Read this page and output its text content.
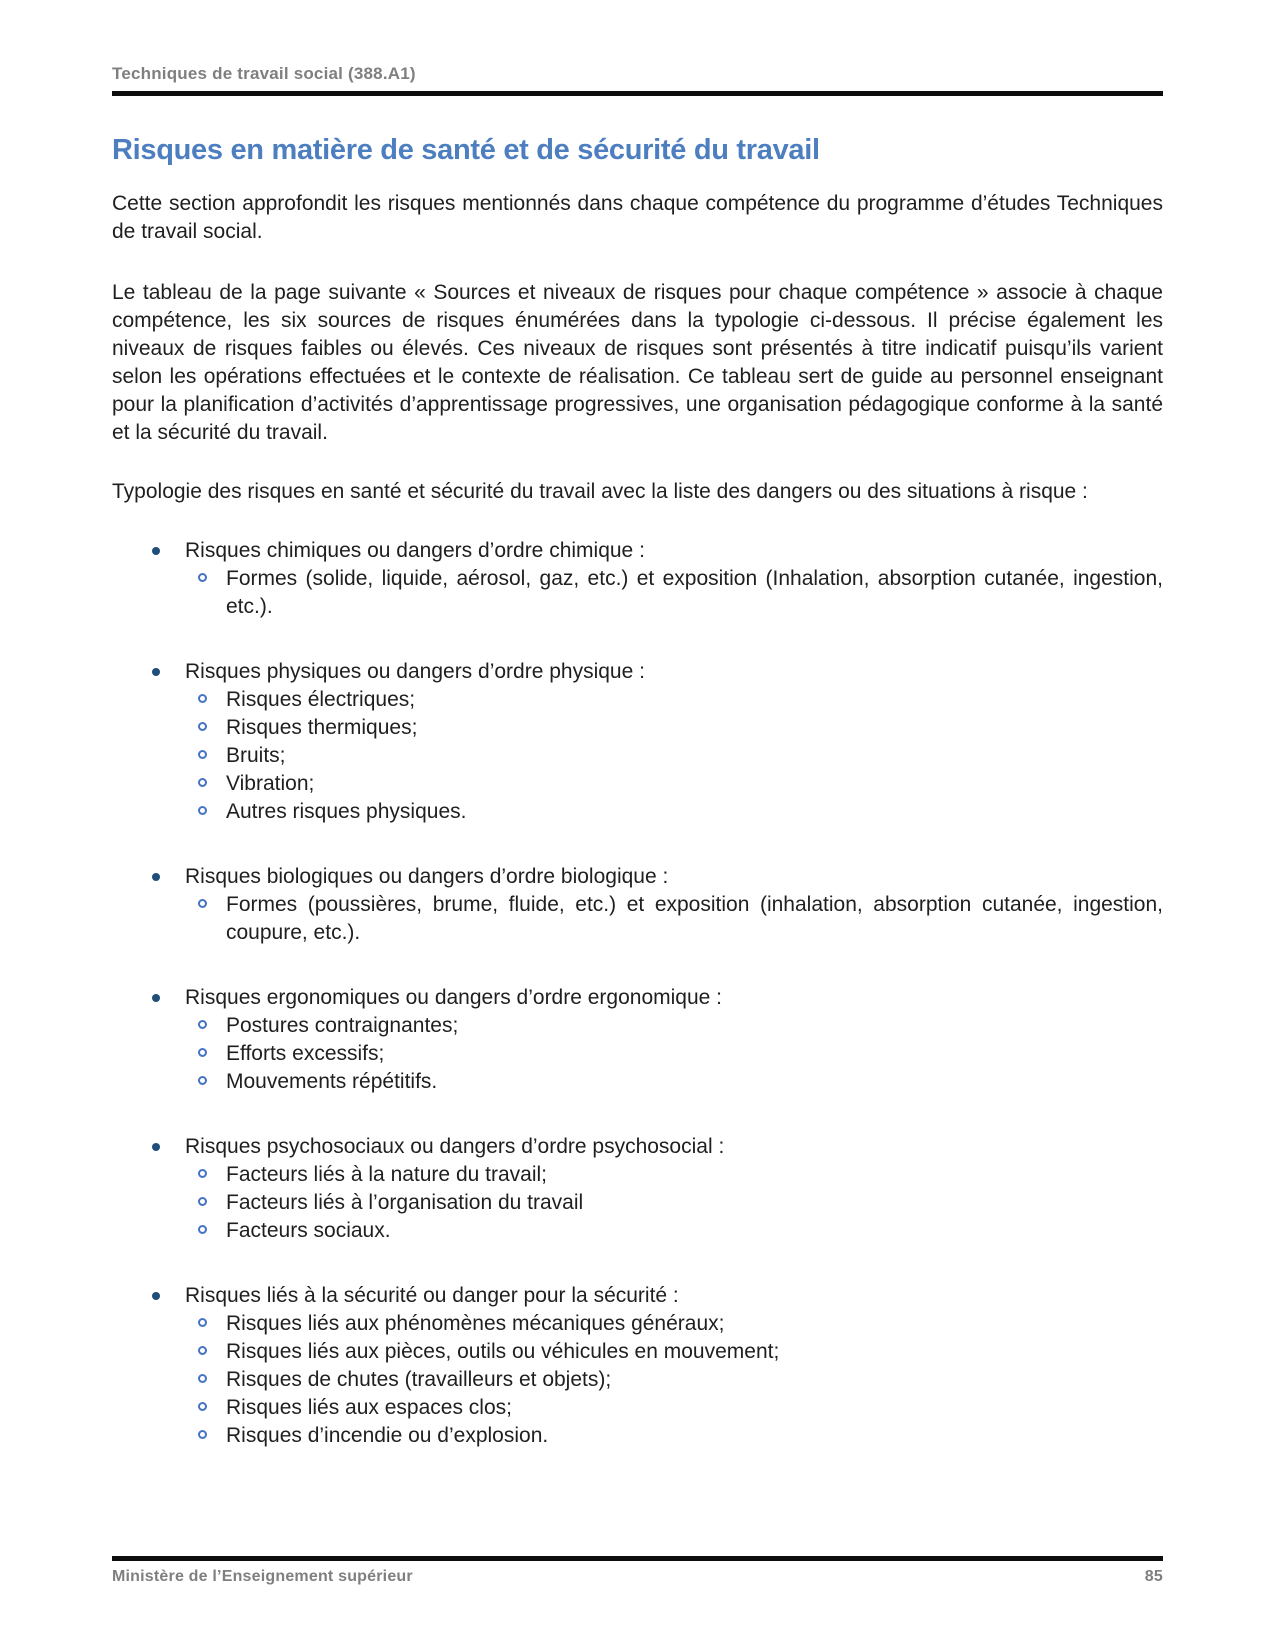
Techniques de travail social (388.A1)
Risques en matière de santé et de sécurité du travail

Cette section approfondit les risques mentionnés dans chaque compétence du programme d’études Techniques de travail social.

Le tableau de la page suivante « Sources et niveaux de risques pour chaque compétence » associe à chaque compétence, les six sources de risques énumérées dans la typologie ci-dessous. Il précise également les niveaux de risques faibles ou élevés. Ces niveaux de risques sont présentés à titre indicatif puisqu’ils varient selon les opérations effectuées et le contexte de réalisation. Ce tableau sert de guide au personnel enseignant pour la planification d’activités d’apprentissage progressives, une organisation pédagogique conforme à la santé et la sécurité du travail.

Typologie des risques en santé et sécurité du travail avec la liste des dangers ou des situations à risque :

Risques chimiques ou dangers d’ordre chimique :
Formes (solide, liquide, aérosol, gaz, etc.) et exposition (Inhalation, absorption cutanée, ingestion, etc.).
Risques physiques ou dangers d’ordre physique :
Risques électriques;
Risques thermiques;
Bruits;
Vibration;
Autres risques physiques.
Risques biologiques ou dangers d’ordre biologique :
Formes (poussières, brume, fluide, etc.) et exposition (inhalation, absorption cutanée, ingestion, coupure, etc.).
Risques ergonomiques ou dangers d’ordre ergonomique :
Postures contraignantes;
Efforts excessifs;
Mouvements répétitifs.
Risques psychosociaux ou dangers d’ordre psychosocial :
Facteurs liés à la nature du travail;
Facteurs liés à l’organisation du travail
Facteurs sociaux.
Risques liés à la sécurité ou danger pour la sécurité :
Risques liés aux phénomènes mécaniques généraux;
Risques liés aux pièces, outils ou véhicules en mouvement;
Risques de chutes (travailleurs et objets);
Risques liés aux espaces clos;
Risques d’incendie ou d’explosion.
Ministère de l’Enseignement supérieur	85
